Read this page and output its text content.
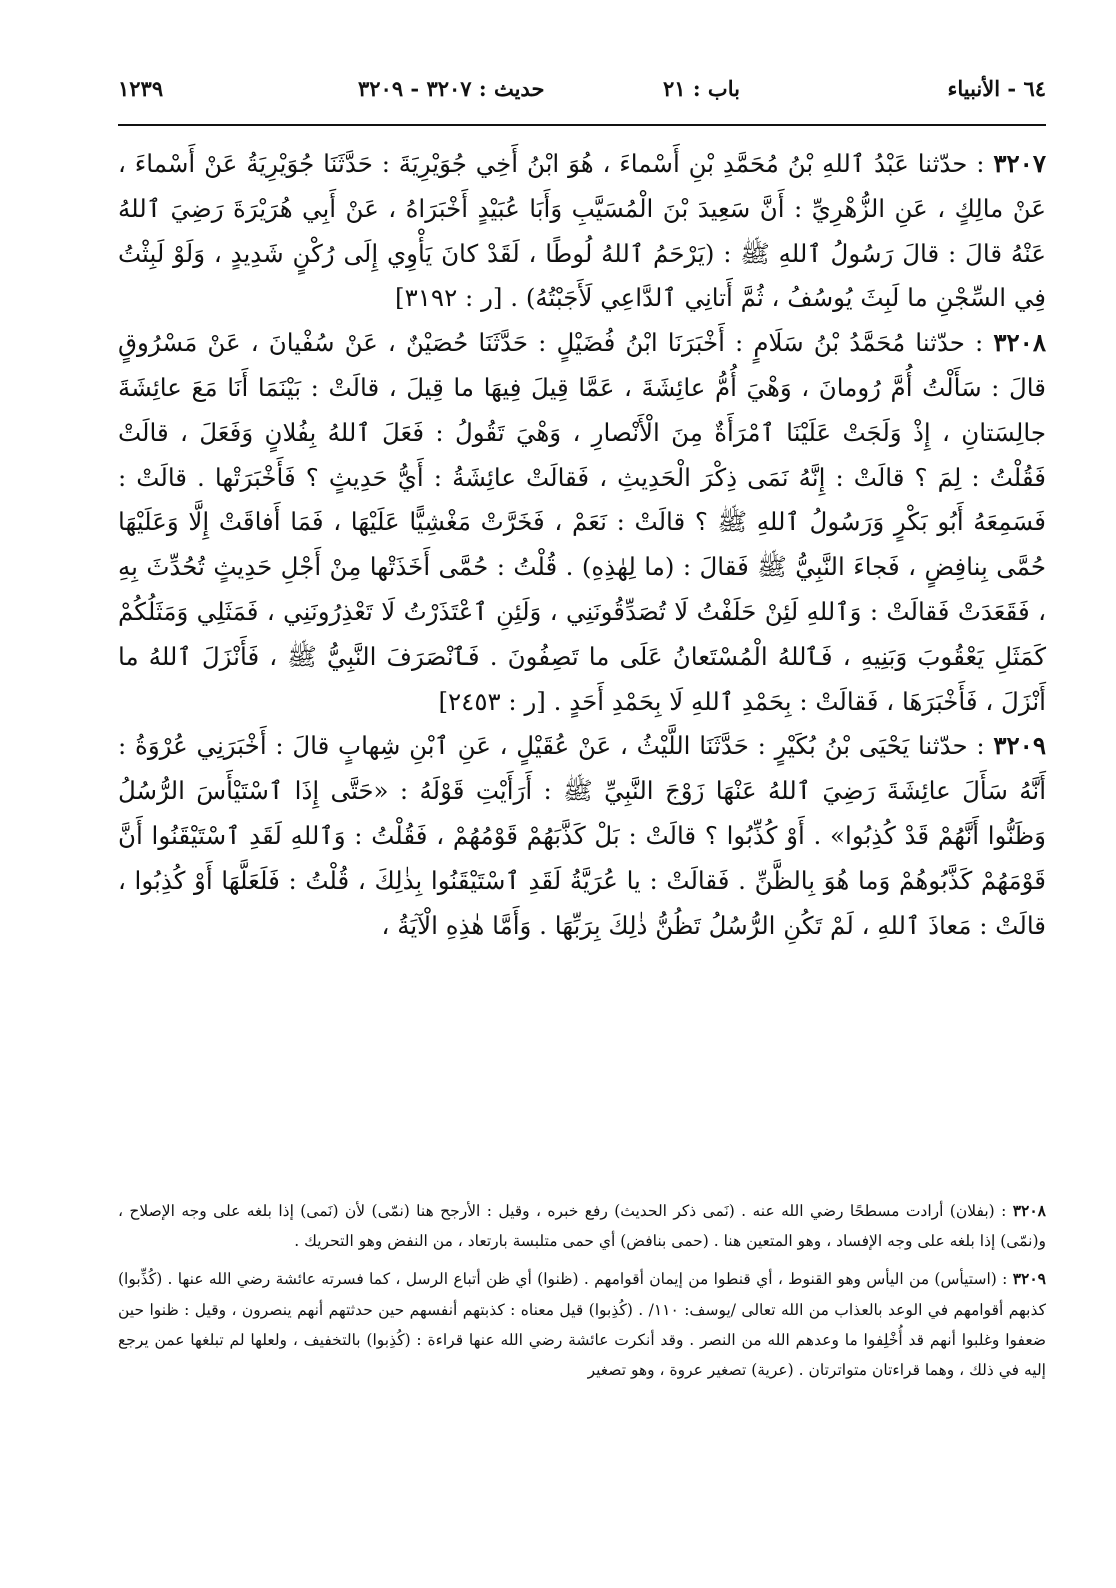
١٢٣٩	حديث : ٣٢٠٧ - ٣٢٠٩	باب : ٢١	٦٤ - الأنبياء

٣٢٠٧ : حدّثنا عَبْدُ ٱللهِ بْنُ مُحَمَّدِ بْنِ أَسْماءَ ، هُوَ ابْنُ أَخِي جُوَيْرِيَةَ : حَدَّثَنَا جُوَيْرِيَةُ عَنْ أَسْماءَ ، عَنْ مالِكٍ ، عَنِ الزُّهْرِيِّ : أَنَّ سَعِيدَ بْنَ الْمُسَيَّبِ وَأَبَا عُبَيْدٍ أَخْبَرَاهُ ، عَنْ أَبِي هُرَيْرَةَ رَضِيَ ٱللهُ عَنْهُ قالَ : قالَ رَسُولُ ٱللهِ ﷺ : (يَرْحَمُ ٱللهُ لُوطًا ، لَقَدْ كانَ يَأْوِي إِلَى رُكْنٍ شَدِيدٍ ، وَلَوْ لَبِثْتُ فِي السِّجْنِ ما لَبِثَ يُوسُفُ ، ثُمَّ أَتانِي ٱلدَّاعِي لَأَجَبْتُهُ) . [ر : ٣١٩٢]

٣٢٠٨ : حدّثنا مُحَمَّدُ بْنُ سَلَامٍ : أَخْبَرَنَا ابْنُ فُضَيْلٍ : حَدَّثَنَا حُصَيْنٌ ، عَنْ سُفْيانَ ، عَنْ مَسْرُوقٍ قالَ : سَأَلْتُ أُمَّ رُومانَ ، وَهْيَ أُمُّ عائِشَةَ ، عَمَّا قِيلَ فِيهَا ما قِيلَ ، قالَتْ : بَيْنَمَا أَنَا مَعَ عائِشَةَ جالِسَتانِ ، إِذْ وَلَجَتْ عَلَيْنَا ٱمْرَأَةٌ مِنَ الْأَنْصارِ ، وَهْيَ تَقُولُ : فَعَلَ ٱللهُ بِفُلانٍ وَفَعَلَ ، قالَتْ فَقُلْتُ : لِمَ ؟ قالَتْ : إِنَّهُ نَمَى ذِكْرَ الْحَدِيثِ ، فَقالَتْ عائِشَةُ : أَيُّ حَدِيثٍ ؟ فَأَخْبَرَتْها . قالَتْ : فَسَمِعَهُ أَبُو بَكْرٍ وَرَسُولُ ٱللهِ ﷺ ؟ قالَتْ : نَعَمْ ، فَخَرَّتْ مَغْشِيًّا عَلَيْهَا ، فَمَا أَفاقَتْ إِلَّا وَعَلَيْهَا حُمَّى بِنافِضٍ ، فَجاءَ النَّبِيُّ ﷺ فَقالَ : (ما لِهٰذِهِ) . قُلْتُ : حُمَّى أَخَذَتْها مِنْ أَجْلِ حَدِيثٍ تُحُدِّثَ بِهِ ، فَقَعَدَتْ فَقالَتْ : وَٱللهِ لَئِنْ حَلَفْتُ لَا تُصَدِّقُونَنِي ، وَلَئِنِ ٱعْتَذَرْتُ لَا تَعْذِرُونَنِي ، فَمَثَلِي وَمَثَلُكُمْ كَمَثَلِ يَعْقُوبَ وَبَنِيهِ ، فَٱللهُ الْمُسْتَعانُ عَلَى ما تَصِفُونَ . فَٱنْصَرَفَ النَّبِيُّ ﷺ ، فَأَنْزَلَ ٱللهُ ما أَنْزَلَ ، فَأَخْبَرَهَا ، فَقالَتْ : بِحَمْدِ ٱللهِ لَا بِحَمْدِ أَحَدٍ . [ر : ٢٤٥٣]

٣٢٠٩ : حدّثنا يَحْيَى بْنُ بُكَيْرٍ : حَدَّثَنَا اللَّيْثُ ، عَنْ عُقَيْلٍ ، عَنِ ٱبْنِ شِهابٍ قالَ : أَخْبَرَنِي عُرْوَةُ : أَنَّهُ سَأَلَ عائِشَةَ رَضِيَ ٱللهُ عَنْهَا زَوْجَ النَّبِيِّ ﷺ : أَرَأَيْتِ قَوْلَهُ : «حَتَّى إِذَا ٱسْتَيْأَسَ الرُّسُلُ وَظَنُّوا أَنَّهُمْ قَدْ كُذِبُوا» . أَوْ كُذِّبُوا ؟ قالَتْ : بَلْ كَذَّبَهُمْ قَوْمُهُمْ ، فَقُلْتُ : وَٱللهِ لَقَدِ ٱسْتَيْقَنُوا أَنَّ قَوْمَهُمْ كَذَّبُوهُمْ وَما هُوَ بِالظَّنِّ . فَقالَتْ : يا عُرَيَّةُ لَقَدِ ٱسْتَيْقَنُوا بِذٰلِكَ ، قُلْتُ : فَلَعَلَّهَا أَوْ كُذِبُوا ، قالَتْ : مَعاذَ ٱللهِ ، لَمْ تَكُنِ الرُّسُلُ تَظُنُّ ذٰلِكَ بِرَبِّهَا . وَأَمَّا هٰذِهِ الْآيَةُ ،

٣٢٠٨ : (بفلان) أرادت مسطحًا رضي الله عنه . (نَمى ذكر الحديث) رفع خبره ، وقيل : الأرجح هنا (نمّى) لأن (نَمى) إذا بلغه على وجه الإصلاح ، و(نمّى) إذا بلغه على وجه الإفساد ، وهو المتعين هنا . (حمى بنافض) أي حمى متلبسة بارتعاد ، من النفض وهو التحريك .

٣٢٠٩ : (استيأس) من اليأس وهو القنوط ، أي قنطوا من إيمان أقوامهم . (ظنوا) أي ظن أتباع الرسل ، كما فسرته عائشة رضي الله عنها . (كُذِّبوا) كذبهم أقوامهم في الوعد بالعذاب من الله تعالى /يوسف: ١١٠/ . (كُذِبوا) قيل معناه : كذبتهم أنفسهم حين حدثتهم أنهم ينصرون ، وقيل : ظنوا حين ضعفوا وغلبوا أنهم قد أُخْلِفوا ما وعدهم الله من النصر . وقد أنكرت عائشة رضي الله عنها قراءة : (كُذِبوا) بالتخفيف ، ولعلها لم تبلغها عمن يرجع إليه في ذلك ، وهما قراءتان متواترتان . (عرية) تصغير عروة ، وهو تصغير
